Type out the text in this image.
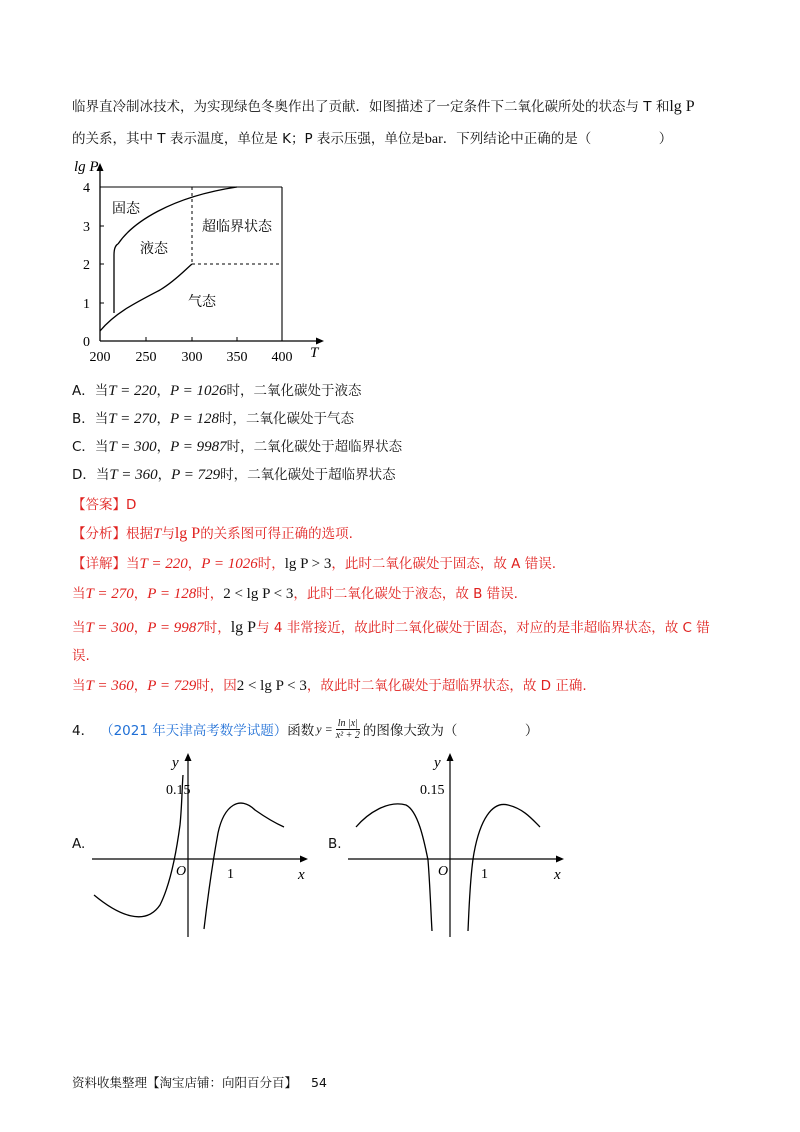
临界直冷制冰技术，为实现绿色冬奥作出了贡献．如图描述了一定条件下二氧化碳所处的状态与 T 和lg P
的关系，其中 T 表示温度，单位是 K；P 表示压强，单位是bar．下列结论中正确的是（　　　　　）
lg P
T
200 250 300 350 400
0
1
2
3
4
固态
液态
超临界状态
气态
A．当T = 220，P = 1026时，二氧化碳处于液态
B．当T = 270，P = 128时，二氧化碳处于气态
C．当T = 300，P = 9987时，二氧化碳处于超临界状态
D．当T = 360，P = 729时，二氧化碳处于超临界状态
【答案】D
【分析】根据T与lg P的关系图可得正确的选项.
【详解】当T = 220，P = 1026时，lg P > 3，此时二氧化碳处于固态，故 A 错误.
当T = 270，P = 128时，2 < lg P < 3，此时二氧化碳处于液态，故 B 错误.
当T = 300，P = 9987时，lg P与 4 非常接近，故此时二氧化碳处于固态，对应的是非超临界状态，故 C 错
误.
当T = 360，P = 729时，因2 < lg P < 3，故此时二氧化碳处于超临界状态，故 D 正确.
4． （2021 年天津高考数学试题） 函数 $y = \frac{\ln |x|}{\text{x² + 2}}$ 的图像大致为（　　　　　）
A.
y
x
O	1
0.15
B.
y
x
O 1
0.15
资料收集整理【淘宝店铺：向阳百分百】 54
